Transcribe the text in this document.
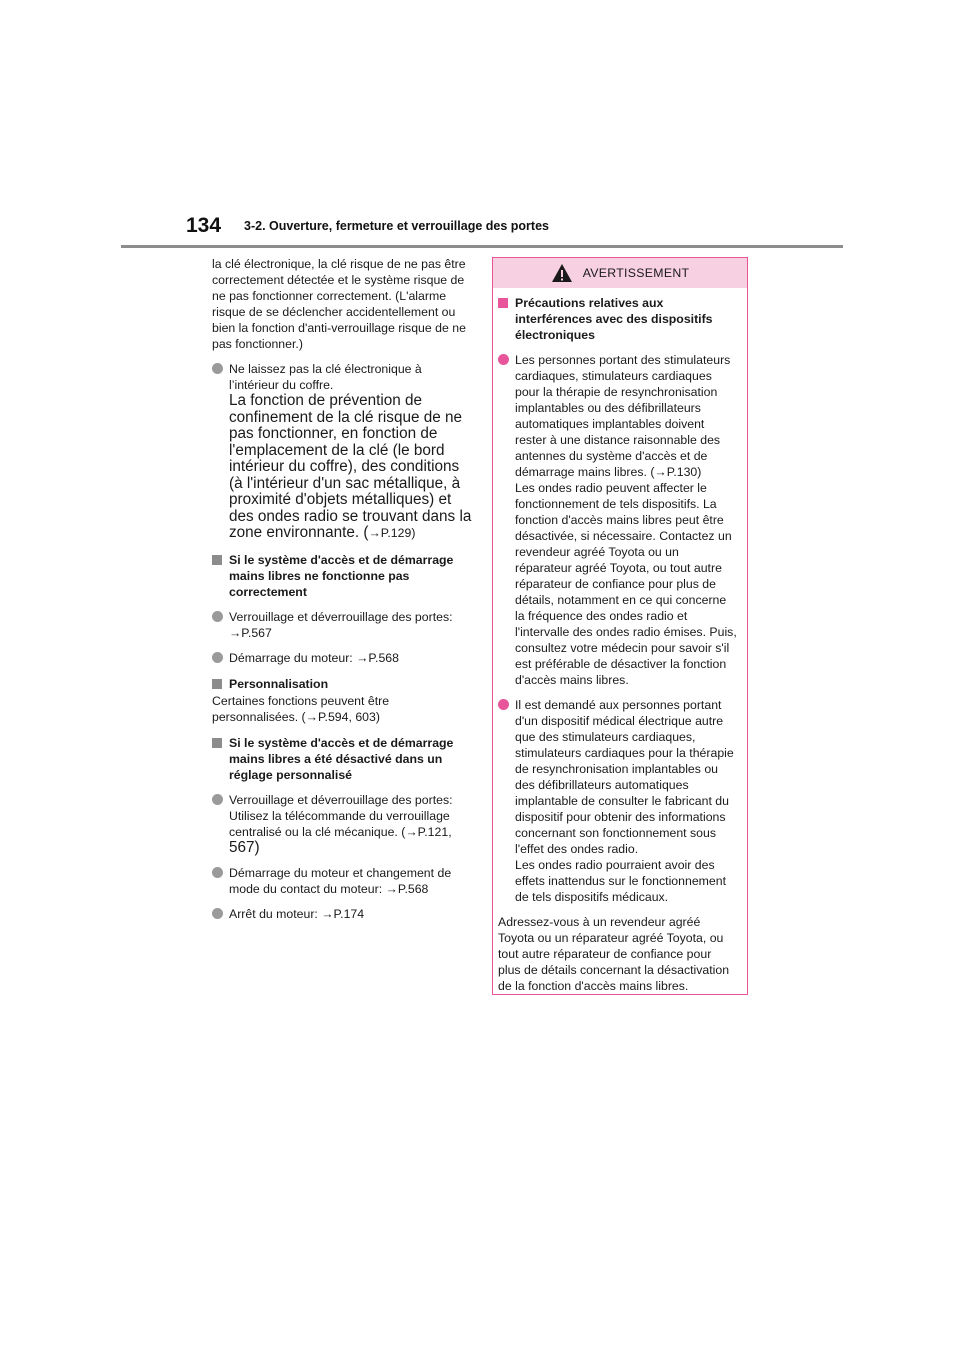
134 3-2. Ouverture, fermeture et verrouillage des portes

la clé électronique, la clé risque de ne pas être correctement détectée et le système risque de ne pas fonctionner correctement. (L'alarme risque de se déclencher accidentellement ou bien la fonction d'anti-verrouillage risque de ne pas fonctionner.)

Ne laissez pas la clé électronique à l’intérieur du coffre.
La fonction de prévention de confinement de la clé risque de ne pas fonctionner, en fonction de l'emplacement de la clé (le bord intérieur du coffre), des conditions (à l'intérieur d'un sac métallique, à proximité d'objets métalliques) et des ondes radio se trouvant dans la zone environnante. (→P.129)
Si le système d'accès et de démarrage mains libres ne fonctionne pas correctement
Verrouillage et déverrouillage des portes: →P.567
Démarrage du moteur: →P.568
Personnalisation

Certaines fonctions peuvent être personnalisées. (→P.594, 603)

Si le système d'accès et de démarrage mains libres a été désactivé dans un réglage personnalisé
Verrouillage et déverrouillage des portes: Utilisez la télécommande du verrouillage centralisé ou la clé mécanique. (→P.121, 567)
Démarrage du moteur et changement de mode du contact du moteur: →P.568
Arrêt du moteur: →P.174
AVERTISSEMENT
Précautions relatives aux interférences avec des dispositifs électroniques
Les personnes portant des stimulateurs cardiaques, stimulateurs cardiaques pour la thérapie de resynchronisation implantables ou des défibrillateurs automatiques implantables doivent rester à une distance raisonnable des antennes du système d'accès et de démarrage mains libres. (→P.130)
Les ondes radio peuvent affecter le fonctionnement de tels dispositifs. La fonction d'accès mains libres peut être désactivée, si nécessaire. Contactez un revendeur agréé Toyota ou un réparateur agréé Toyota, ou tout autre réparateur de confiance pour plus de détails, notamment en ce qui concerne la fréquence des ondes radio et l'intervalle des ondes radio émises. Puis, consultez votre médecin pour savoir s'il est préférable de désactiver la fonction d'accès mains libres.
Il est demandé aux personnes portant d'un dispositif médical électrique autre que des stimulateurs cardiaques, stimulateurs cardiaques pour la thérapie de resynchronisation implantables ou des défibrillateurs automatiques implantable de consulter le fabricant du dispositif pour obtenir des informations concernant son fonctionnement sous l'effet des ondes radio.
Les ondes radio pourraient avoir des effets inattendus sur le fonctionnement de tels dispositifs médicaux.

Adressez-vous à un revendeur agréé Toyota ou un réparateur agréé Toyota, ou tout autre réparateur de confiance pour plus de détails concernant la désactivation de la fonction d'accès mains libres.
